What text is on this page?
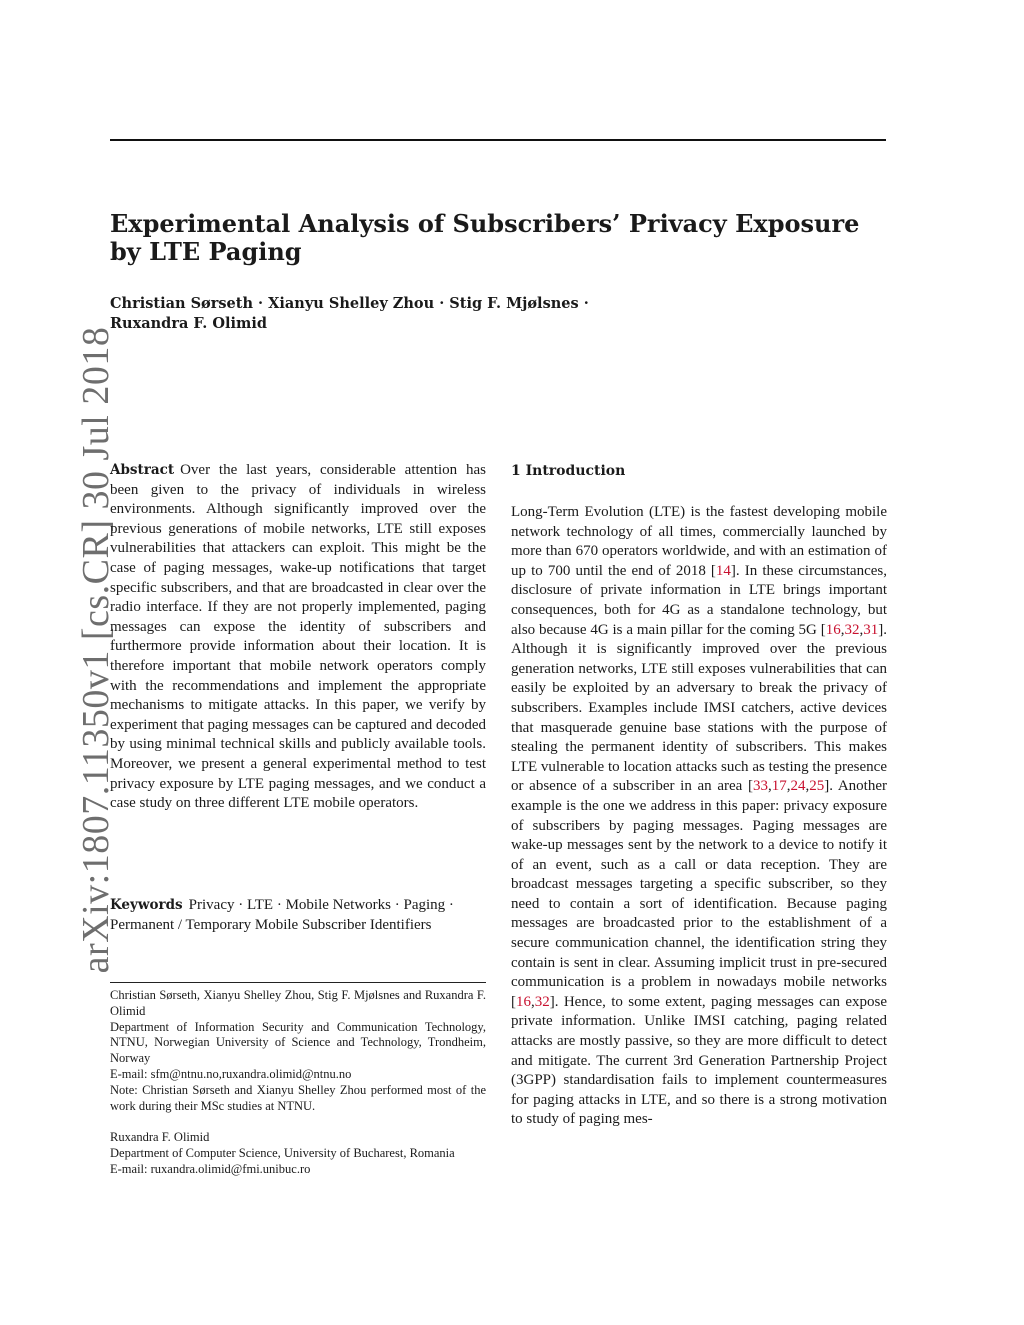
Experimental Analysis of Subscribers’ Privacy Exposure by LTE Paging
Christian Sørseth · Xianyu Shelley Zhou · Stig F. Mjølsnes ·
Ruxandra F. Olimid
arXiv:1807.11350v1 [cs.CR] 30 Jul 2018

Abstract Over the last years, considerable attention has been given to the privacy of individuals in wireless environments. Although significantly improved over the previous generations of mobile networks, LTE still exposes vulnerabilities that attackers can exploit. This might be the case of paging messages, wake-up notifications that target specific subscribers, and that are broadcasted in clear over the radio interface. If they are not properly implemented, paging messages can expose the identity of subscribers and furthermore provide information about their location. It is therefore important that mobile network operators comply with the recommendations and implement the appropriate mechanisms to mitigate attacks. In this paper, we verify by experiment that paging messages can be captured and decoded by using minimal technical skills and publicly available tools. Moreover, we present a general experimental method to test privacy exposure by LTE paging messages, and we conduct a case study on three different LTE mobile operators.

Keywords Privacy · LTE · Mobile Networks · Paging · Permanent / Temporary Mobile Subscriber Identifiers

Christian Sørseth, Xianyu Shelley Zhou, Stig F. Mjølsnes and Ruxandra F. Olimid

Department of Information Security and Communication Technology, NTNU, Norwegian University of Science and Technology, Trondheim, Norway

E-mail: sfm@ntnu.no,ruxandra.olimid@ntnu.no

Note: Christian Sørseth and Xianyu Shelley Zhou performed most of the work during their MSc studies at NTNU.

Ruxandra F. Olimid

Department of Computer Science, University of Bucharest, Romania

E-mail: ruxandra.olimid@fmi.unibuc.ro

1 Introduction

Long-Term Evolution (LTE) is the fastest developing mobile network technology of all times, commercially launched by more than 670 operators worldwide, and with an estimation of up to 700 until the end of 2018 [14]. In these circumstances, disclosure of private information in LTE brings important consequences, both for 4G as a standalone technology, but also because 4G is a main pillar for the coming 5G [16,32,31]. Although it is significantly improved over the previous generation networks, LTE still exposes vulnerabilities that can easily be exploited by an adversary to break the privacy of subscribers. Examples include IMSI catchers, active devices that masquerade genuine base stations with the purpose of stealing the permanent identity of subscribers. This makes LTE vulnerable to location attacks such as testing the presence or absence of a subscriber in an area [33,17,24,25]. Another example is the one we address in this paper: privacy exposure of subscribers by paging messages. Paging messages are wake-up messages sent by the network to a device to notify it of an event, such as a call or data reception. They are broadcast messages targeting a specific subscriber, so they need to contain a sort of identification. Because paging messages are broadcasted prior to the establishment of a secure communication channel, the identification string they contain is sent in clear. Assuming implicit trust in pre-secured communication is a problem in nowadays mobile networks [16,32]. Hence, to some extent, paging messages can expose private information. Unlike IMSI catching, paging related attacks are mostly passive, so they are more difficult to detect and mitigate. The current 3rd Generation Partnership Project (3GPP) standardisation fails to implement countermeasures for paging attacks in LTE, and so there is a strong motivation to study of paging mes-
